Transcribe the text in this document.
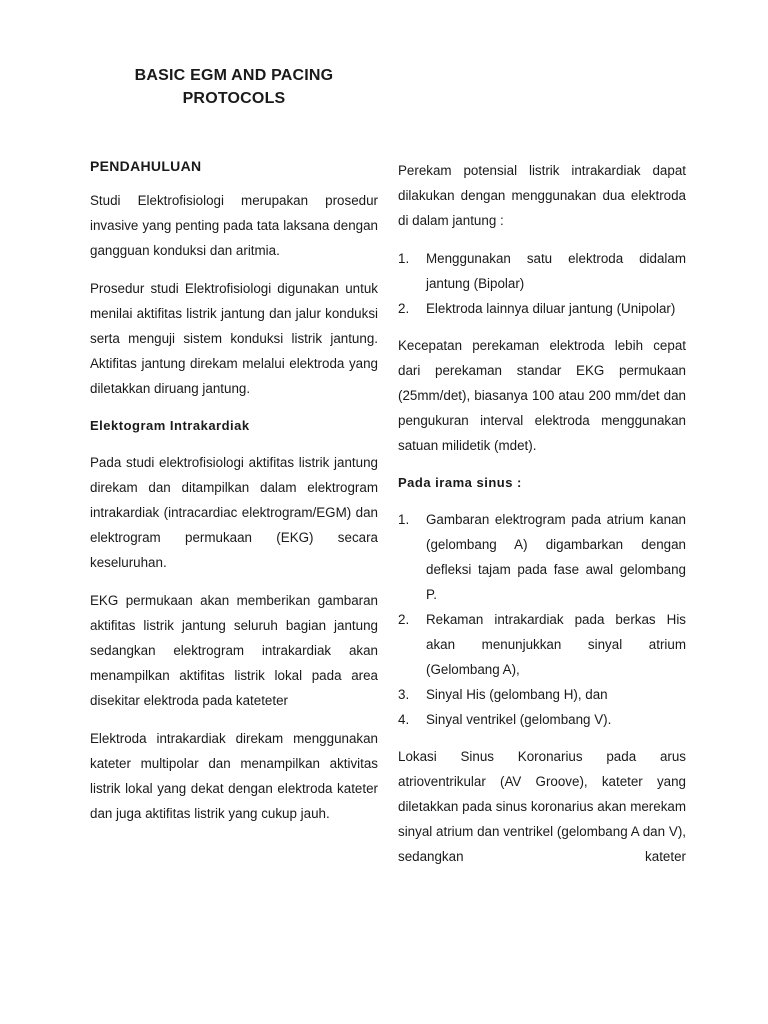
BASIC EGM AND PACING PROTOCOLS
PENDAHULUAN

Studi Elektrofisiologi merupakan prosedur invasive yang penting pada tata laksana dengan gangguan konduksi dan aritmia.

Prosedur studi Elektrofisiologi digunakan untuk menilai aktifitas listrik jantung dan jalur konduksi serta menguji sistem konduksi listrik jantung. Aktifitas jantung direkam melalui elektroda yang diletakkan diruang jantung.

Elektogram Intrakardiak

Pada studi elektrofisiologi aktifitas listrik jantung direkam dan ditampilkan dalam elektrogram intrakardiak (intracardiac elektrogram/EGM) dan elektrogram permukaan (EKG) secara keseluruhan.

EKG permukaan akan memberikan gambaran aktifitas listrik jantung seluruh bagian jantung sedangkan elektrogram intrakardiak akan menampilkan aktifitas listrik lokal pada area disekitar elektroda pada kateteter

Elektroda intrakardiak direkam menggunakan kateter multipolar dan menampilkan aktivitas listrik lokal yang dekat dengan elektroda kateter dan juga aktifitas listrik yang cukup jauh.

Perekam potensial listrik intrakardiak dapat dilakukan dengan menggunakan dua elektroda di dalam jantung :

1. Menggunakan satu elektroda didalam jantung (Bipolar)
2. Elektroda lainnya diluar jantung (Unipolar)

Kecepatan perekaman elektroda lebih cepat dari perekaman standar EKG permukaan (25mm/det), biasanya 100 atau 200 mm/det dan pengukuran interval elektroda menggunakan satuan milidetik (mdet).

Pada irama sinus :
1. Gambaran elektrogram pada atrium kanan (gelombang A) digambarkan dengan defleksi tajam pada fase awal gelombang P.
2. Rekaman intrakardiak pada berkas His akan menunjukkan sinyal atrium (Gelombang A),
3. Sinyal His (gelombang H), dan
4. Sinyal ventrikel (gelombang V).

Lokasi Sinus Koronarius pada arus atrioventrikular (AV Groove), kateter yang diletakkan pada sinus koronarius akan merekam sinyal atrium dan ventrikel (gelombang A dan V), sedangkan kateter
